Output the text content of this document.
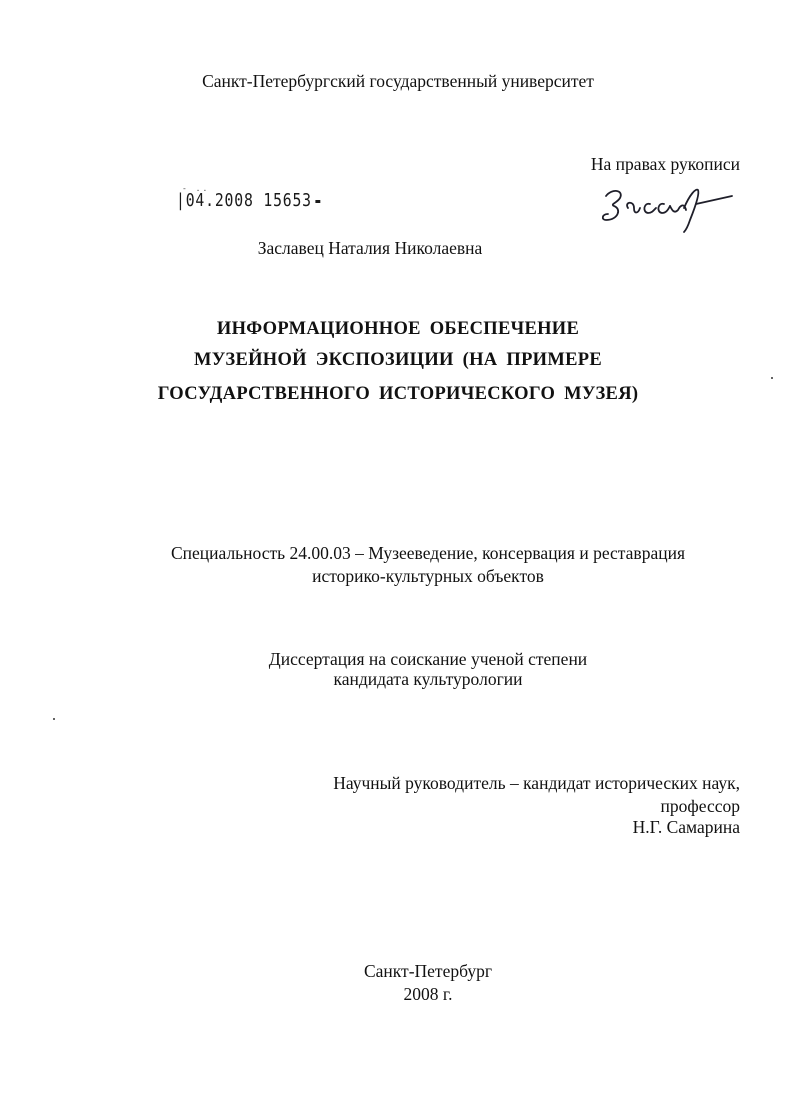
Санкт-Петербургский государственный университет
На правах рукописи
- ..
|04.2008 15653
Заславец Наталия Николаевна
ИНФОРМАЦИОННОЕ ОБЕСПЕЧЕНИЕ
МУЗЕЙНОЙ ЭКСПОЗИЦИИ (НА ПРИМЕРЕ
ГОСУДАРСТВЕННОГО ИСТОРИЧЕСКОГО МУЗЕЯ)
Специальность 24.00.03 – Музееведение, консервация и реставрация
историко-культурных объектов
Диссертация на соискание ученой степени
кандидата культурологии
Научный руководитель – кандидат исторических наук,
профессор
Н.Г. Самарина
Санкт-Петербург
2008 г.
